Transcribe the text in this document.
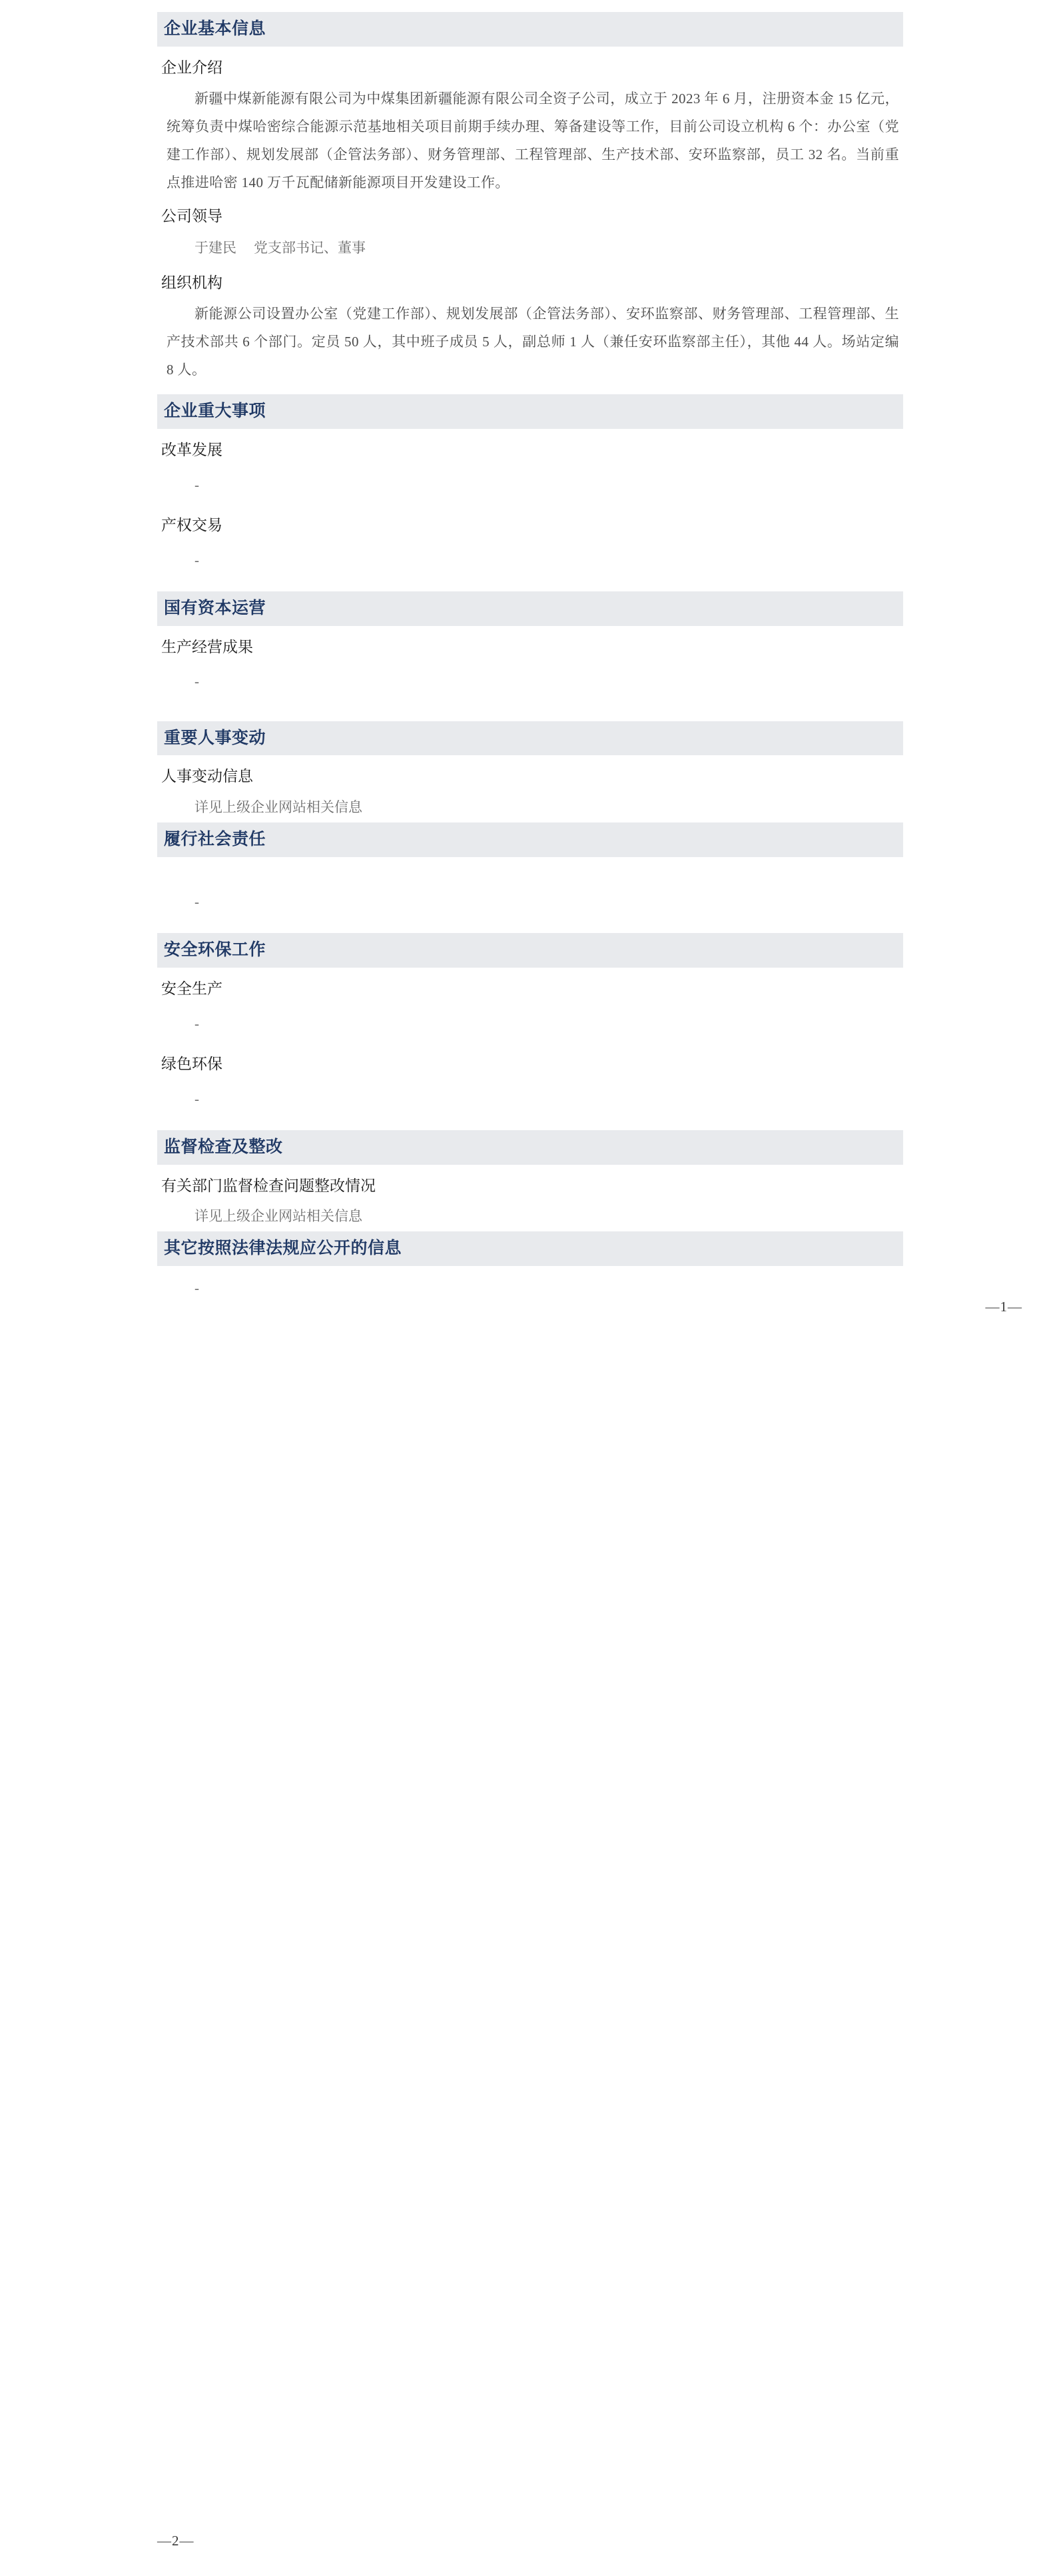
企业基本信息
企业介绍
新疆中煤新能源有限公司为中煤集团新疆能源有限公司全资子公司，成立于 2023 年 6 月，注册资本金 15 亿元，统筹负责中煤哈密综合能源示范基地相关项目前期手续办理、筹备建设等工作，目前公司设立机构 6 个：办公室（党建工作部）、规划发展部（企管法务部）、财务管理部、工程管理部、生产技术部、安环监察部，员工 32 名。当前重点推进哈密 140 万千瓦配储新能源项目开发建设工作。
公司领导
于建民 党支部书记、董事
组织机构
新能源公司设置办公室（党建工作部）、规划发展部（企管法务部）、安环监察部、财务管理部、工程管理部、生产技术部共 6 个部门。定员 50 人，其中班子成员 5 人，副总师 1 人（兼任安环监察部主任），其他 44 人。场站定编 8 人。
企业重大事项
改革发展
-
产权交易
-
国有资本运营
生产经营成果
-
重要人事变动
人事变动信息
详见上级企业网站相关信息
履行社会责任
-
安全环保工作
安全生产
-
绿色环保
-
监督检查及整改
有关部门监督检查问题整改情况
详见上级企业网站相关信息
其它按照法律法规应公开的信息
-
—1—
—2—
